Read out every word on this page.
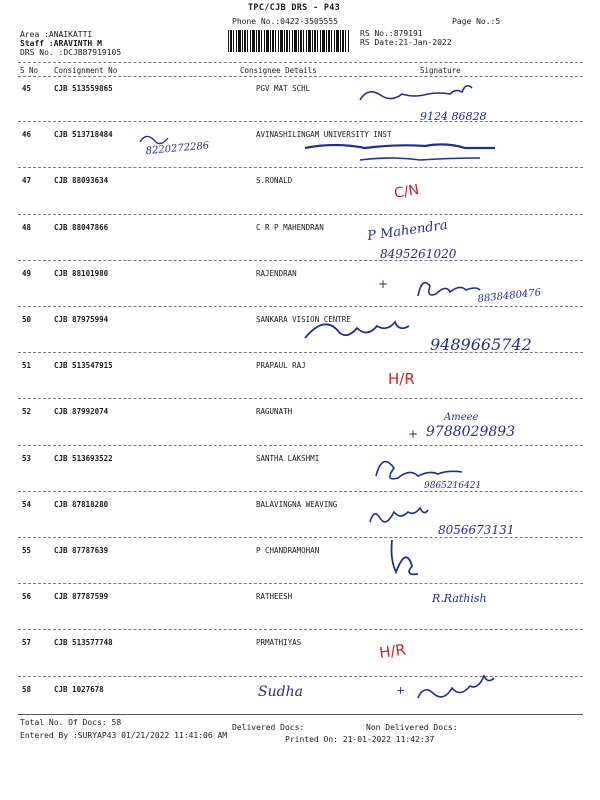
TPC/CJB DRS - P43
Phone No.:0422-3505555	Page No.:5
Area :ANAIKATTI
Staff :ARAVINTH M
DRS No. :DCJB87919105
RS No.:879191
RS Date:21-Jan-2022
S No Consignment No	Consignee Details	Signature
45	CJB 513559865	PGV MAT SCHL
46	CJB 513718484	AVINASHILINGAM UNIVERSITY INST
47	CJB 88093634	S.RONALD
48	CJB 88047866	C R P MAHENDRAN
49	CJB 88101980	RAJENDRAN
50	CJB 87975994	SANKARA VISION CENTRE
51	CJB 513547915	PRAPAUL RAJ
52	CJB 87992074	RAGUNATH
53	CJB 513693522	SANTHA LAKSHMI
54	CJB 87818280	BALAVINGNA WEAVING
55	CJB 87787639	P CHANDRAMOHAN
56	CJB 87787599	RATHEESH
57	CJB 513577748	PRMATHIYAS
58	CJB 1027678
Total No. Of Docs: 58
Delivered Docs:	Non Delivered Docs:
Entered By :SURYAP43 01/21/2022 11:41:06 AM	Printed On: 21-01-2022 11:42:37
9124 86828
8220272286
C/N
P Mahendra
8495261020
+
8838480476
9489665742
H/R
Ameee
+ 9788029893
9865216421
8056673131
R.Rathish
H/R
Sudha	+
